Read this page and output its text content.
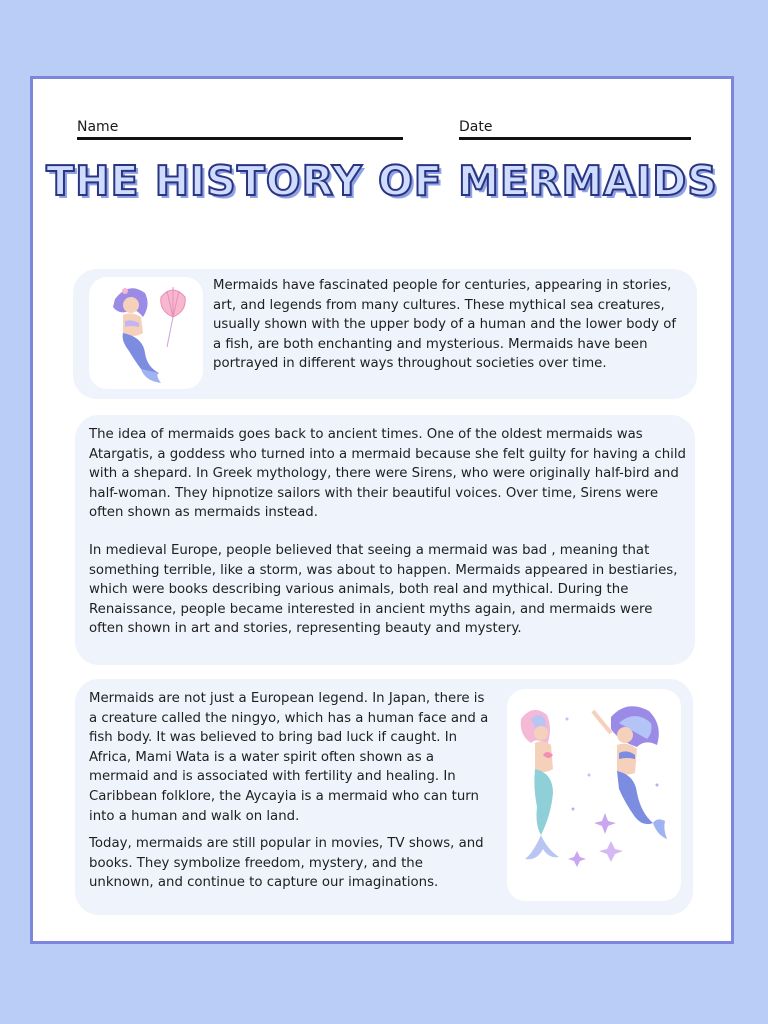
Name	Date
THE HISTORY OF MERMAIDS

Mermaids have fascinated people for centuries, appearing in stories, art, and legends from many cultures. These mythical sea creatures, usually shown with the upper body of a human and the lower body of a fish, are both enchanting and mysterious. Mermaids have been portrayed in different ways throughout societies over time.

The idea of mermaids goes back to ancient times. One of the oldest mermaids was Atargatis, a goddess who turned into a mermaid because she felt guilty for having a child with a shepard. In Greek mythology, there were Sirens, who were originally half-bird and half-woman. They hipnotize sailors with their beautiful voices. Over time, Sirens were often shown as mermaids instead.

In medieval Europe, people believed that seeing a mermaid was bad , meaning that something terrible, like a storm, was about to happen. Mermaids appeared in bestiaries, which were books describing various animals, both real and mythical. During the Renaissance, people became interested in ancient myths again, and mermaids were often shown in art and stories, representing beauty and mystery.

Mermaids are not just a European legend. In Japan, there is a creature called the ningyo, which has a human face and a fish body. It was believed to bring bad luck if caught. In Africa, Mami Wata is a water spirit often shown as a mermaid and is associated with fertility and healing. In Caribbean folklore, the Aycayia is a mermaid who can turn into a human and walk on land.

Today, mermaids are still popular in movies, TV shows, and books. They symbolize freedom, mystery, and the unknown, and continue to capture our imaginations.
